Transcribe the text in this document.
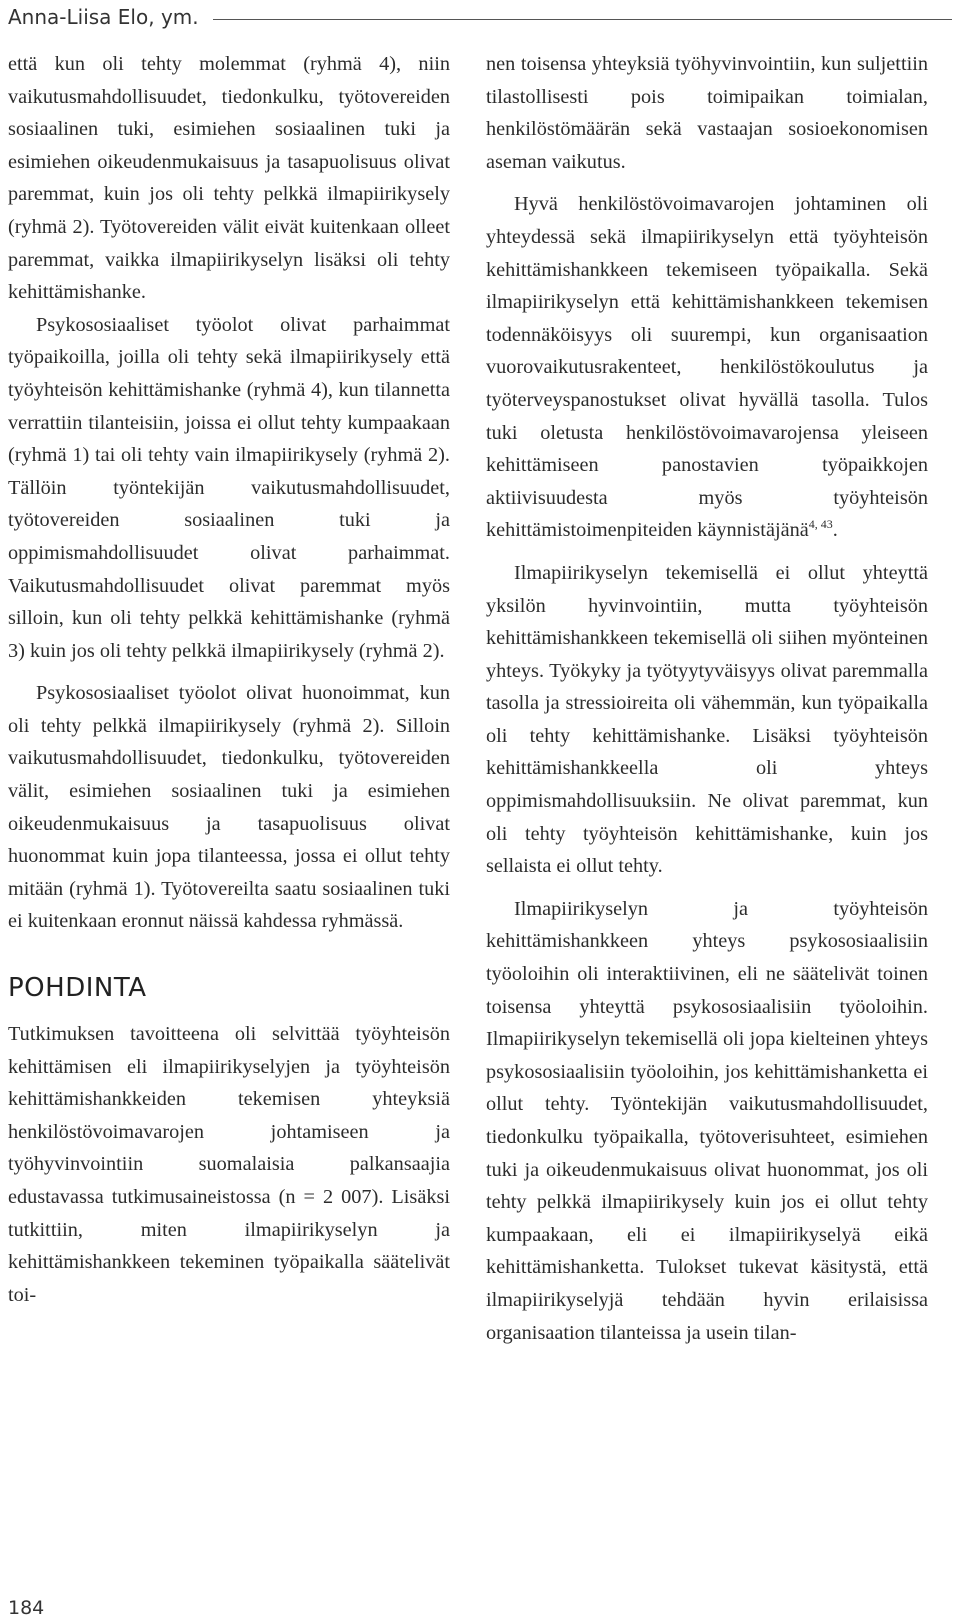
Anna-Liisa Elo, ym.

että kun oli tehty molemmat (ryhmä 4), niin vaikutusmahdollisuudet, tiedonkulku, työtovereiden sosiaalinen tuki, esimiehen sosiaalinen tuki ja esimiehen oikeudenmukaisuus ja tasapuolisuus olivat paremmat, kuin jos oli tehty pelkkä ilmapiirikysely (ryhmä 2). Työtovereiden välit eivät kuitenkaan olleet paremmat, vaikka ilmapiirikyselyn lisäksi oli tehty kehittämishanke.

Psykososiaaliset työolot olivat parhaimmat työpaikoilla, joilla oli tehty sekä ilmapiirikysely että työyhteisön kehittämishanke (ryhmä 4), kun tilannetta verrattiin tilanteisiin, joissa ei ollut tehty kumpaakaan (ryhmä 1) tai oli tehty vain ilmapiirikysely (ryhmä 2). Tällöin työntekijän vaikutusmahdollisuudet, työtovereiden sosiaalinen tuki ja oppimismahdollisuudet olivat parhaimmat. Vaikutusmahdollisuudet olivat paremmat myös silloin, kun oli tehty pelkkä kehittämishanke (ryhmä 3) kuin jos oli tehty pelkkä ilmapiirikysely (ryhmä 2).

Psykososiaaliset työolot olivat huonoimmat, kun oli tehty pelkkä ilmapiirikysely (ryhmä 2). Silloin vaikutusmahdollisuudet, tiedonkulku, työtovereiden välit, esimiehen sosiaalinen tuki ja esimiehen oikeudenmukaisuus ja tasapuolisuus olivat huonommat kuin jopa tilanteessa, jossa ei ollut tehty mitään (ryhmä 1). Työtovereilta saatu sosiaalinen tuki ei kuitenkaan eronnut näissä kahdessa ryhmässä.

POHDINTA

Tutkimuksen tavoitteena oli selvittää työyhteisön kehittämisen eli ilmapiirikyselyjen ja työyhteisön kehittämishankkeiden tekemisen yhteyksiä henkilöstövoimavarojen johtamiseen ja työhyvinvointiin suomalaisia palkansaajia edustavassa tutkimusaineistossa (n = 2 007). Lisäksi tutkittiin, miten ilmapiirikyselyn ja kehittämishankkeen tekeminen työpaikalla säätelivät toi-

nen toisensa yhteyksiä työhyvinvointiin, kun suljettiin tilastollisesti pois toimipaikan toimialan, henkilöstömäärän sekä vastaajan sosioekonomisen aseman vaikutus.

Hyvä henkilöstövoimavarojen johtaminen oli yhteydessä sekä ilmapiirikyselyn että työyhteisön kehittämishankkeen tekemiseen työpaikalla. Sekä ilmapiirikyselyn että kehittämishankkeen tekemisen todennäköisyys oli suurempi, kun organisaation vuorovaikutusrakenteet, henkilöstökoulutus ja työterveyspanostukset olivat hyvällä tasolla. Tulos tuki oletusta henkilöstövoimavarojensa yleiseen kehittämiseen panostavien työpaikkojen aktiivisuudesta myös työyhteisön kehittämistoimenpiteiden käynnistäjänä$^{4, 43}$.

Ilmapiirikyselyn tekemisellä ei ollut yhteyttä yksilön hyvinvointiin, mutta työyhteisön kehittämishankkeen tekemisellä oli siihen myönteinen yhteys. Työkyky ja työtyytyväisyys olivat paremmalla tasolla ja stressioireita oli vähemmän, kun työpaikalla oli tehty kehittämishanke. Lisäksi työyhteisön kehittämishankkeella oli yhteys oppimismahdollisuuksiin. Ne olivat paremmat, kun oli tehty työyhteisön kehittämishanke, kuin jos sellaista ei ollut tehty.

Ilmapiirikyselyn ja työyhteisön kehittämishankkeen yhteys psykososiaalisiin työoloihin oli interaktiivinen, eli ne säätelivät toinen toisensa yhteyttä psykososiaalisiin työoloihin. Ilmapiirikyselyn tekemisellä oli jopa kielteinen yhteys psykososiaalisiin työoloihin, jos kehittämishanketta ei ollut tehty. Työntekijän vaikutusmahdollisuudet, tiedonkulku työpaikalla, työtoverisuhteet, esimiehen tuki ja oikeudenmukaisuus olivat huonommat, jos oli tehty pelkkä ilmapiirikysely kuin jos ei ollut tehty kumpaakaan, eli ei ilmapiirikyselyä eikä kehittämishanketta. Tulokset tukevat käsitystä, että ilmapiirikyselyjä tehdään hyvin erilaisissa organisaation tilanteissa ja usein tilan-

184
